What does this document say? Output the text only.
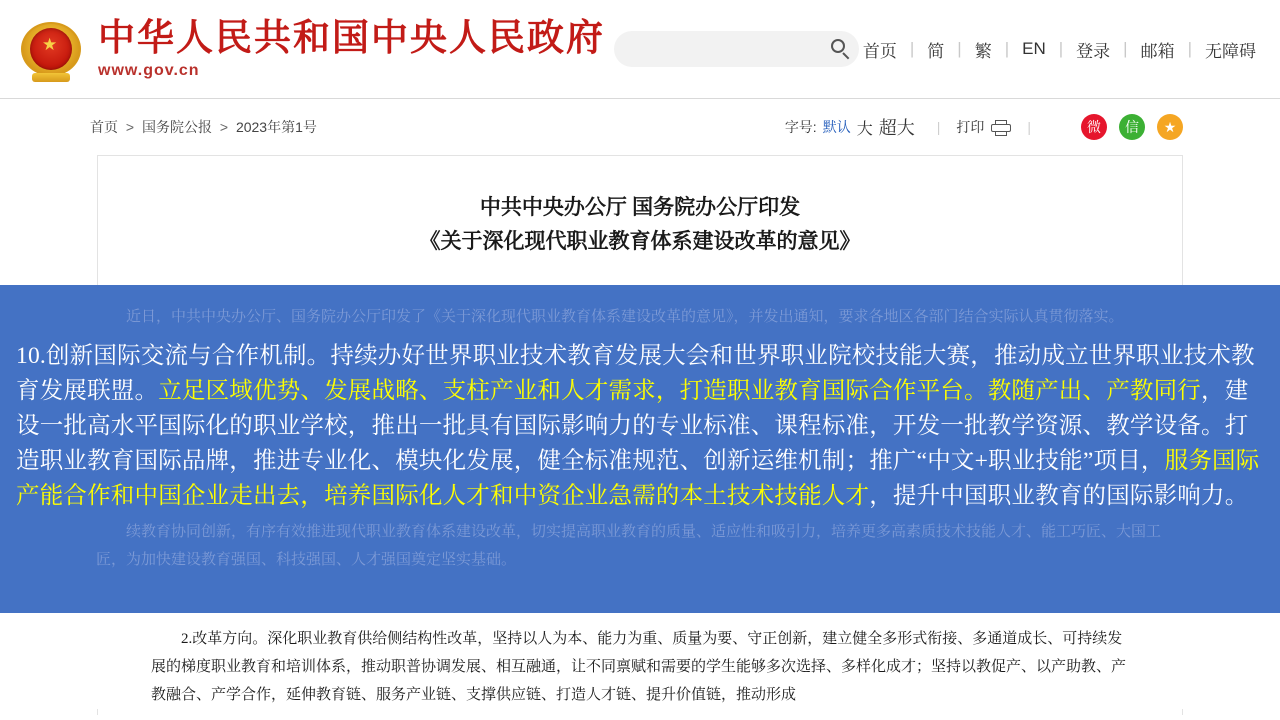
★ 中华人民共和国中央人民政府
www.gov.cn
首页 | 简 | 繁 | EN | 登录 | 邮箱 | 无障碍
首页 > 国务院公报 > 2023年第1号	字号: 默认 大 超大 | 打印	|	微	信	★
中共中央办公厅 国务院办公厅印发
《关于深化现代职业教育体系建设改革的意见》

近日，中共中央办公厅、国务院办公厅印发了《关于深化现代职业教育体系建设改革的意见》，并发出通知，要求各地区各部门结合实际认真贯彻落实。

10.创新国际交流与合作机制。持续办好世界职业技术教育发展大会和世界职业院校技能大赛，推动成立世界职业技术教育发展联盟。立足区域优势、发展战略、支柱产业和人才需求，打造职业教育国际合作平台。教随产出、产教同行，建设一批高水平国际化的职业学校，推出一批具有国际影响力的专业标准、课程标准，开发一批教学资源、教学设备。打造职业教育国际品牌，推进专业化、模块化发展，健全标准规范、创新运维机制；推广“中文+职业技能”项目，服务国际产能合作和中国企业走出去，培养国际化人才和中资企业急需的本土技术技能人才，提升中国职业教育的国际影响力。

续教育协同创新，有序有效推进现代职业教育体系建设改革，切实提高职业教育的质量、适应性和吸引力，培养更多高素质技术技能人才、能工巧匠、大国工匠，为加快建设教育强国、科技强国、人才强国奠定坚实基础。

2.改革方向。深化职业教育供给侧结构性改革，坚持以人为本、能力为重、质量为要、守正创新，建立健全多形式衔接、多通道成长、可持续发展的梯度职业教育和培训体系，推动职普协调发展、相互融通，让不同禀赋和需要的学生能够多次选择、多样化成才；坚持以教促产、以产助教、产教融合、产学合作，延伸教育链、服务产业链、支撑供应链、打造人才链、提升价值链，推动形成
